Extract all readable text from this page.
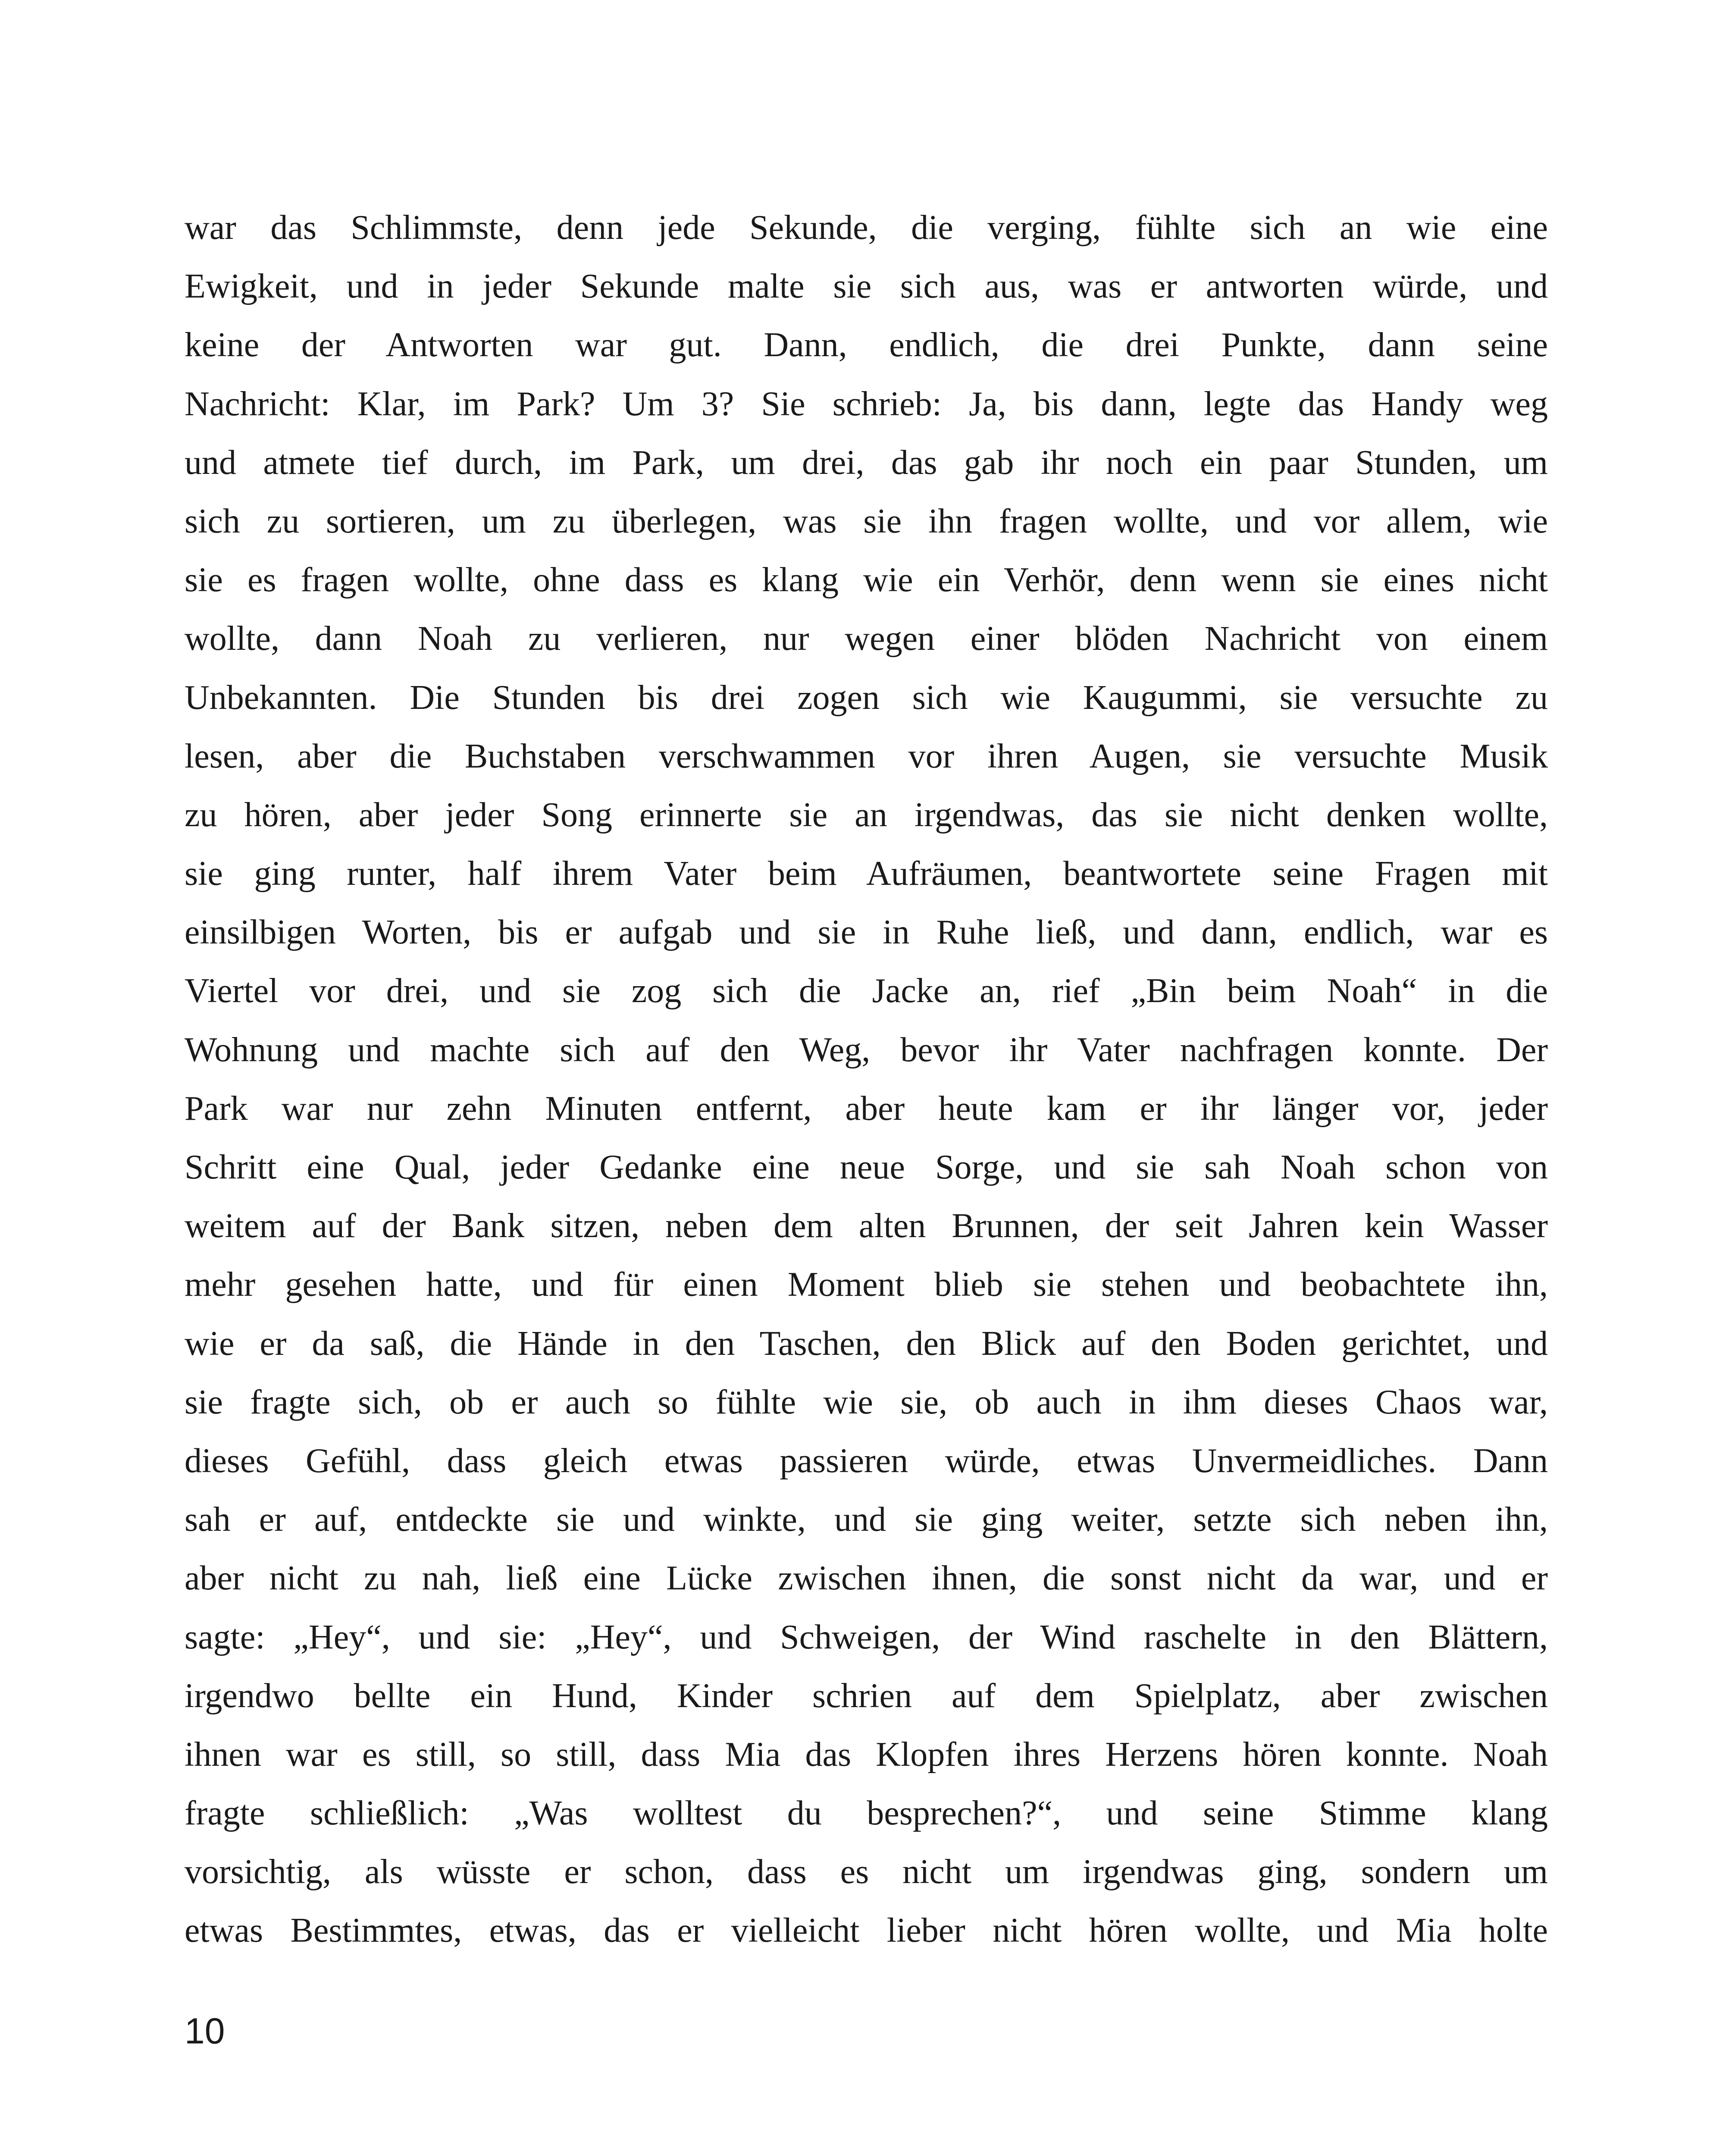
war das Schlimmste, denn jede Sekunde, die verging, fühlte sich an wie eine
Ewigkeit, und in jeder Sekunde malte sie sich aus, was er antworten würde, und
keine der Antworten war gut. Dann, endlich, die drei Punkte, dann seine
Nachricht: Klar, im Park? Um 3? Sie schrieb: Ja, bis dann, legte das Handy weg
und atmete tief durch, im Park, um drei, das gab ihr noch ein paar Stunden, um
sich zu sortieren, um zu überlegen, was sie ihn fragen wollte, und vor allem, wie
sie es fragen wollte, ohne dass es klang wie ein Verhör, denn wenn sie eines nicht
wollte, dann Noah zu verlieren, nur wegen einer blöden Nachricht von einem
Unbekannten. Die Stunden bis drei zogen sich wie Kaugummi, sie versuchte zu
lesen, aber die Buchstaben verschwammen vor ihren Augen, sie versuchte Musik
zu hören, aber jeder Song erinnerte sie an irgendwas, das sie nicht denken wollte,
sie ging runter, half ihrem Vater beim Aufräumen, beantwortete seine Fragen mit
einsilbigen Worten, bis er aufgab und sie in Ruhe ließ, und dann, endlich, war es
Viertel vor drei, und sie zog sich die Jacke an, rief „Bin beim Noah“ in die
Wohnung und machte sich auf den Weg, bevor ihr Vater nachfragen konnte. Der
Park war nur zehn Minuten entfernt, aber heute kam er ihr länger vor, jeder
Schritt eine Qual, jeder Gedanke eine neue Sorge, und sie sah Noah schon von
weitem auf der Bank sitzen, neben dem alten Brunnen, der seit Jahren kein Wasser
mehr gesehen hatte, und für einen Moment blieb sie stehen und beobachtete ihn,
wie er da saß, die Hände in den Taschen, den Blick auf den Boden gerichtet, und
sie fragte sich, ob er auch so fühlte wie sie, ob auch in ihm dieses Chaos war,
dieses Gefühl, dass gleich etwas passieren würde, etwas Unvermeidliches. Dann
sah er auf, entdeckte sie und winkte, und sie ging weiter, setzte sich neben ihn,
aber nicht zu nah, ließ eine Lücke zwischen ihnen, die sonst nicht da war, und er
sagte: „Hey“, und sie: „Hey“, und Schweigen, der Wind raschelte in den Blättern,
irgendwo bellte ein Hund, Kinder schrien auf dem Spielplatz, aber zwischen
ihnen war es still, so still, dass Mia das Klopfen ihres Herzens hören konnte. Noah
fragte schließlich: „Was wolltest du besprechen?“, und seine Stimme klang
vorsichtig, als wüsste er schon, dass es nicht um irgendwas ging, sondern um
etwas Bestimmtes, etwas, das er vielleicht lieber nicht hören wollte, und Mia holte
10
